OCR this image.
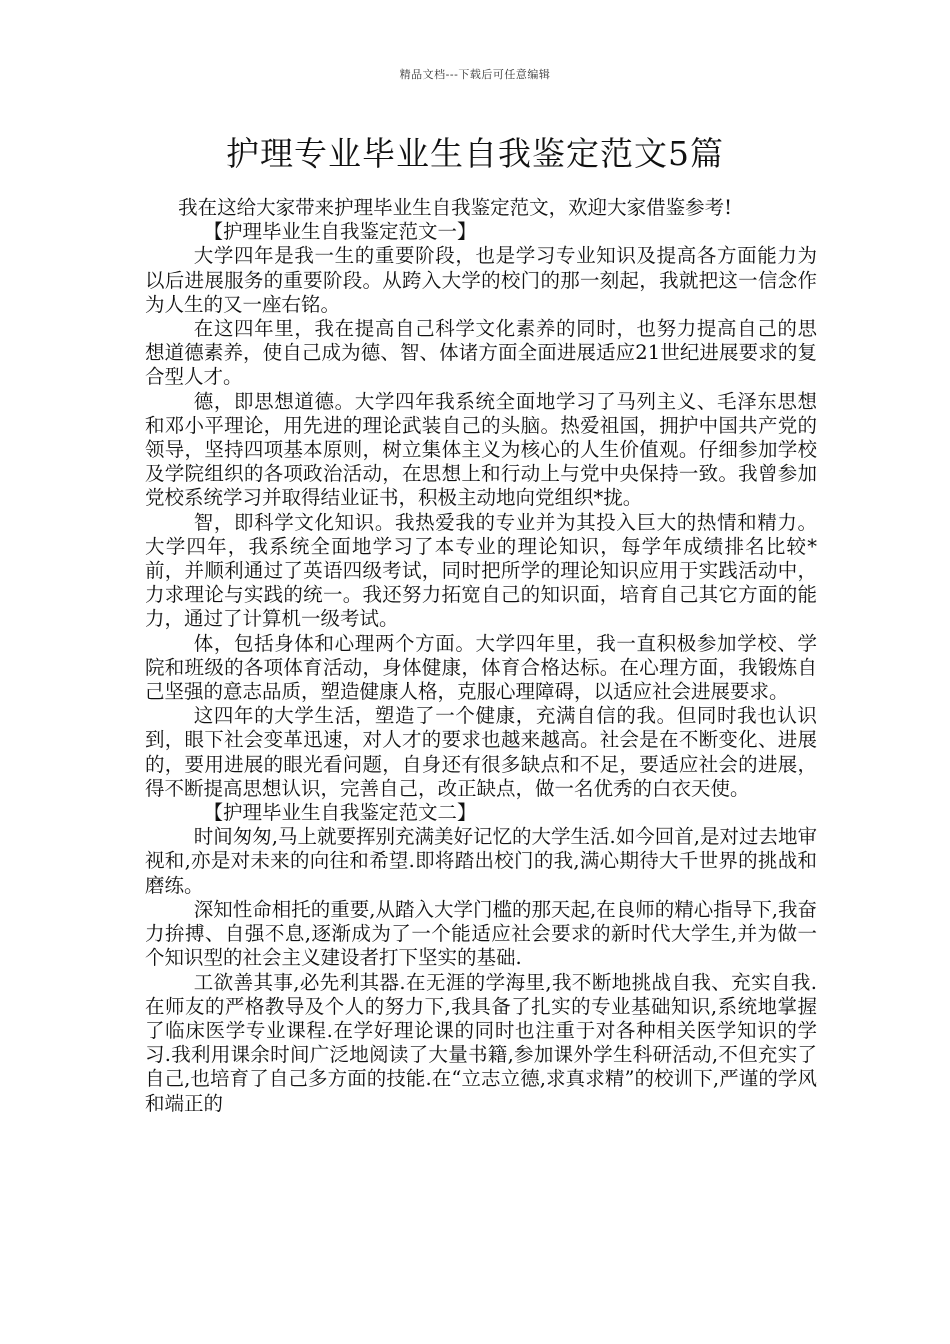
精品文档---下载后可任意编辑
护理专业毕业生自我鉴定范文5篇

我在这给大家带来护理毕业生自我鉴定范文，欢迎大家借鉴参考!

【护理毕业生自我鉴定范文一】

大学四年是我一生的重要阶段，也是学习专业知识及提高各方面能力为以后进展服务的重要阶段。从跨入大学的校门的那一刻起，我就把这一信念作为人生的又一座右铭。

在这四年里，我在提高自己科学文化素养的同时，也努力提高自己的思想道德素养，使自己成为德、智、体诸方面全面进展适应21世纪进展要求的复合型人才。

德，即思想道德。大学四年我系统全面地学习了马列主义、毛泽东思想和邓小平理论，用先进的理论武装自己的头脑。热爱祖国，拥护中国共产党的领导，坚持四项基本原则，树立集体主义为核心的人生价值观。仔细参加学校及学院组织的各项政治活动，在思想上和行动上与党中央保持一致。我曾参加党校系统学习并取得结业证书，积极主动地向党组织*拢。

智，即科学文化知识。我热爱我的专业并为其投入巨大的热情和精力。大学四年，我系统全面地学习了本专业的理论知识，每学年成绩排名比较*前，并顺利通过了英语四级考试，同时把所学的理论知识应用于实践活动中，力求理论与实践的统一。我还努力拓宽自己的知识面，培育自己其它方面的能力，通过了计算机一级考试。

体，包括身体和心理两个方面。大学四年里，我一直积极参加学校、学院和班级的各项体育活动，身体健康，体育合格达标。在心理方面，我锻炼自己坚强的意志品质，塑造健康人格，克服心理障碍，以适应社会进展要求。

这四年的大学生活，塑造了一个健康，充满自信的我。但同时我也认识到，眼下社会变革迅速，对人才的要求也越来越高。社会是在不断变化、进展的，要用进展的眼光看问题，自身还有很多缺点和不足，要适应社会的进展，得不断提高思想认识，完善自己，改正缺点，做一名优秀的白衣天使。

【护理毕业生自我鉴定范文二】

时间匆匆,马上就要挥别充满美好记忆的大学生活.如今回首,是对过去地审视和,亦是对未来的向往和希望.即将踏出校门的我,满心期待大千世界的挑战和磨练。

深知性命相托的重要,从踏入大学门槛的那天起,在良师的精心指导下,我奋力拚搏、自强不息,逐渐成为了一个能适应社会要求的新时代大学生,并为做一个知识型的社会主义建设者打下坚实的基础.

工欲善其事,必先利其器.在无涯的学海里,我不断地挑战自我、充实自我.在师友的严格教导及个人的努力下,我具备了扎实的专业基础知识,系统地掌握了临床医学专业课程.在学好理论课的同时也注重于对各种相关医学知识的学习.我利用课余时间广泛地阅读了大量书籍,参加课外学生科研活动,不但充实了自己,也培育了自己多方面的技能.在“立志立德,求真求精”的校训下,严谨的学风和端正的
